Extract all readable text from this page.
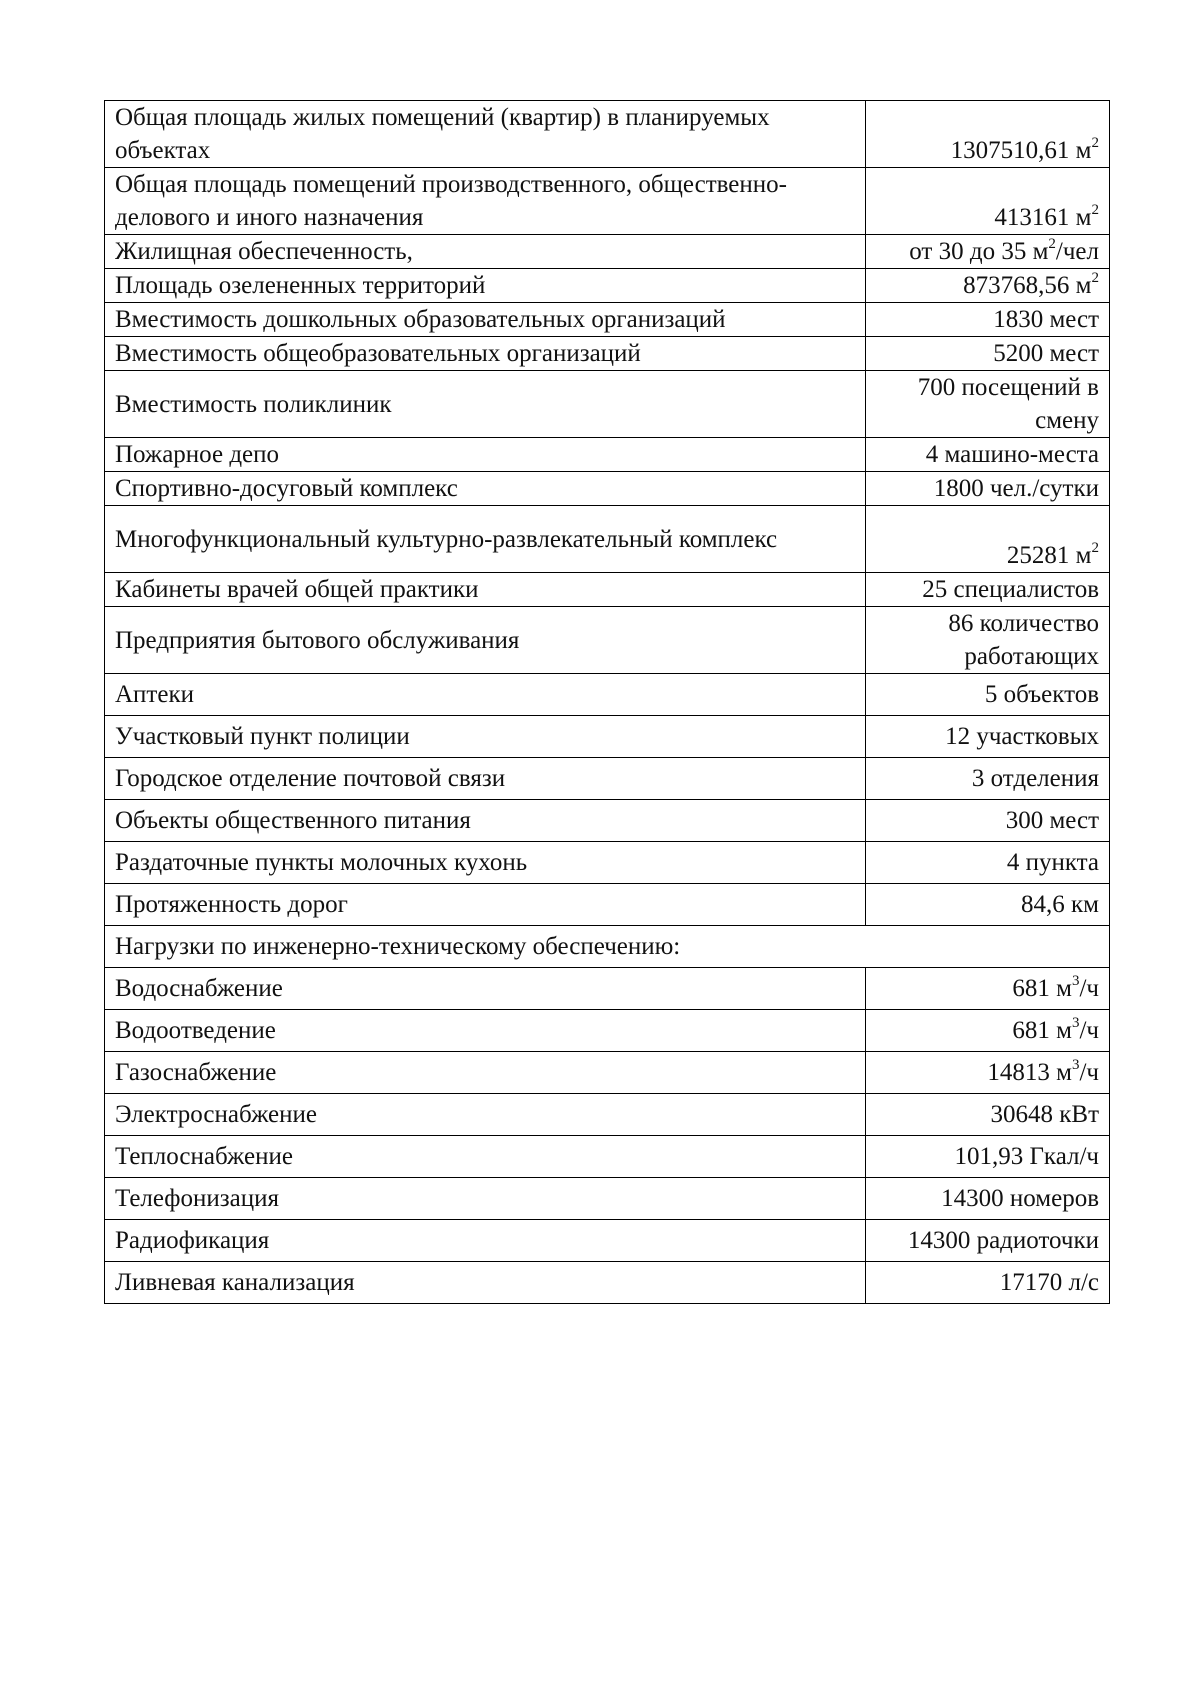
Общая площадь жилых помещений (квартир) в планируемых объектах	1307510,61 $м^2$
Общая площадь помещений производственного, общественно-делового и иного назначения	413161 $м^2$
Жилищная обеспеченность,	от 30 до 35 $м^2$/чел
Площадь озелененных территорий	873768,56 $м^2$
Вместимость дошкольных образовательных организаций	1830 мест
Вместимость общеобразовательных организаций	5200 мест
Вместимость поликлиник	700 посещений в смену
Пожарное депо	4 машино-места
Спортивно-досуговый комплекс	1800 чел./сутки
Многофункциональный культурно-развлекательный комплекс	25281 $м^2$
Кабинеты врачей общей практики	25 специалистов
Предприятия бытового обслуживания	86 количество работающих
Аптеки	5 объектов
Участковый пункт полиции	12 участковых
Городское отделение почтовой связи	3 отделения
Объекты общественного питания	300 мест
Раздаточные пункты молочных кухонь	4 пункта
Протяженность дорог	84,6 км
Нагрузки по инженерно-техническому обеспечению:	
Водоснабжение	681 $м^3/ч$
Водоотведение	681 $м^3/ч$
Газоснабжение	14813 $м^3/ч$
Электроснабжение	30648 кВт
Теплоснабжение	101,93 Гкал/ч
Телефонизация	14300 номеров
Радиофикация	14300 радиоточки
Ливневая канализация	17170 л/с
